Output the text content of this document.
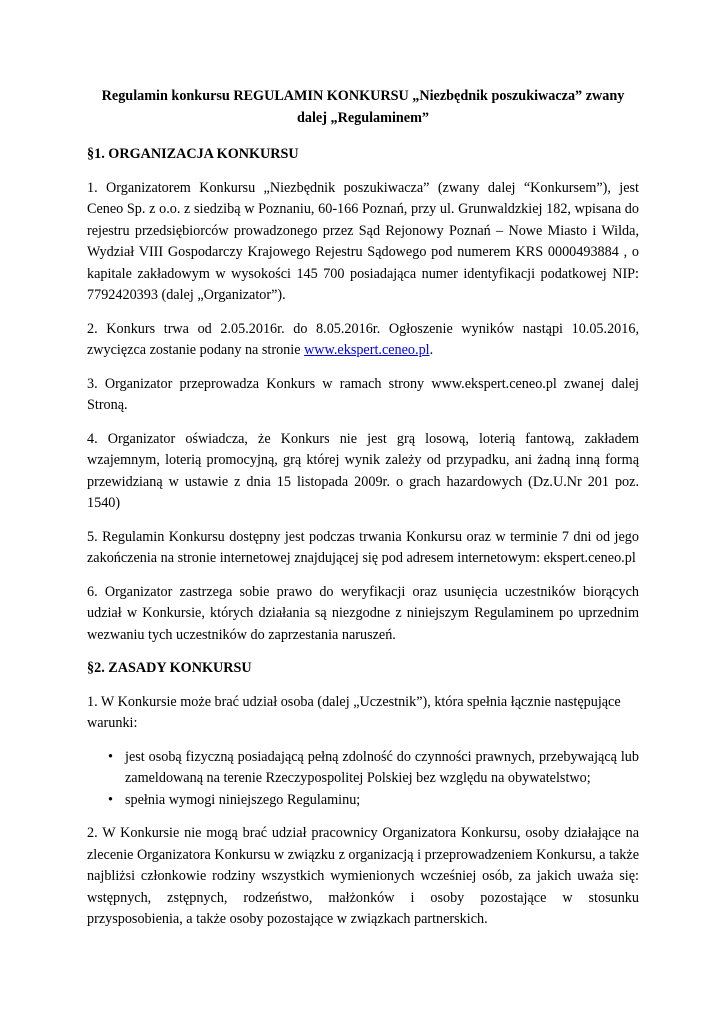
Regulamin konkursu REGULAMIN KONKURSU „Niezbędnik poszukiwacza” zwany dalej „Regulaminem”

§1. ORGANIZACJA KONKURSU

1. Organizatorem Konkursu „Niezbędnik poszukiwacza” (zwany dalej “Konkursem”), jest Ceneo Sp. z o.o. z siedzibą w Poznaniu, 60-166 Poznań, przy ul. Grunwaldzkiej 182, wpisana do rejestru przedsiębiorców prowadzonego przez Sąd Rejonowy Poznań – Nowe Miasto i Wilda, Wydział VIII Gospodarczy Krajowego Rejestru Sądowego pod numerem KRS 0000493884 , o kapitale zakładowym w wysokości 145 700 posiadająca numer identyfikacji podatkowej NIP: 7792420393 (dalej „Organizator”).

2. Konkurs trwa od 2.05.2016r. do 8.05.2016r. Ogłoszenie wyników nastąpi 10.05.2016, zwycięzca zostanie podany na stronie www.ekspert.ceneo.pl.

3. Organizator przeprowadza Konkurs w ramach strony www.ekspert.ceneo.pl zwanej dalej Stroną.

4. Organizator oświadcza, że Konkurs nie jest grą losową, loterią fantową, zakładem wzajemnym, loterią promocyjną, grą której wynik zależy od przypadku, ani żadną inną formą przewidzianą w ustawie z dnia 15 listopada 2009r. o grach hazardowych (Dz.U.Nr 201 poz. 1540)

5. Regulamin Konkursu dostępny jest podczas trwania Konkursu oraz w terminie 7 dni od jego zakończenia na stronie internetowej znajdującej się pod adresem internetowym: ekspert.ceneo.pl

6. Organizator zastrzega sobie prawo do weryfikacji oraz usunięcia uczestników biorących udział w Konkursie, których działania są niezgodne z niniejszym Regulaminem po uprzednim wezwaniu tych uczestników do zaprzestania naruszeń.

§2. ZASADY KONKURSU

1. W Konkursie może brać udział osoba (dalej „Uczestnik”), która spełnia łącznie następujące warunki:

• jest osobą fizyczną posiadającą pełną zdolność do czynności prawnych, przebywającą lub zameldowaną na terenie Rzeczypospolitej Polskiej bez względu na obywatelstwo;
• spełnia wymogi niniejszego Regulaminu;

2. W Konkursie nie mogą brać udział pracownicy Organizatora Konkursu, osoby działające na zlecenie Organizatora Konkursu w związku z organizacją i przeprowadzeniem Konkursu, a także najbliżsi członkowie rodziny wszystkich wymienionych wcześniej osób, za jakich uważa się: wstępnych, zstępnych, rodzeństwo, małżonków i osoby pozostające w stosunku przysposobienia, a także osoby pozostające w związkach partnerskich.
